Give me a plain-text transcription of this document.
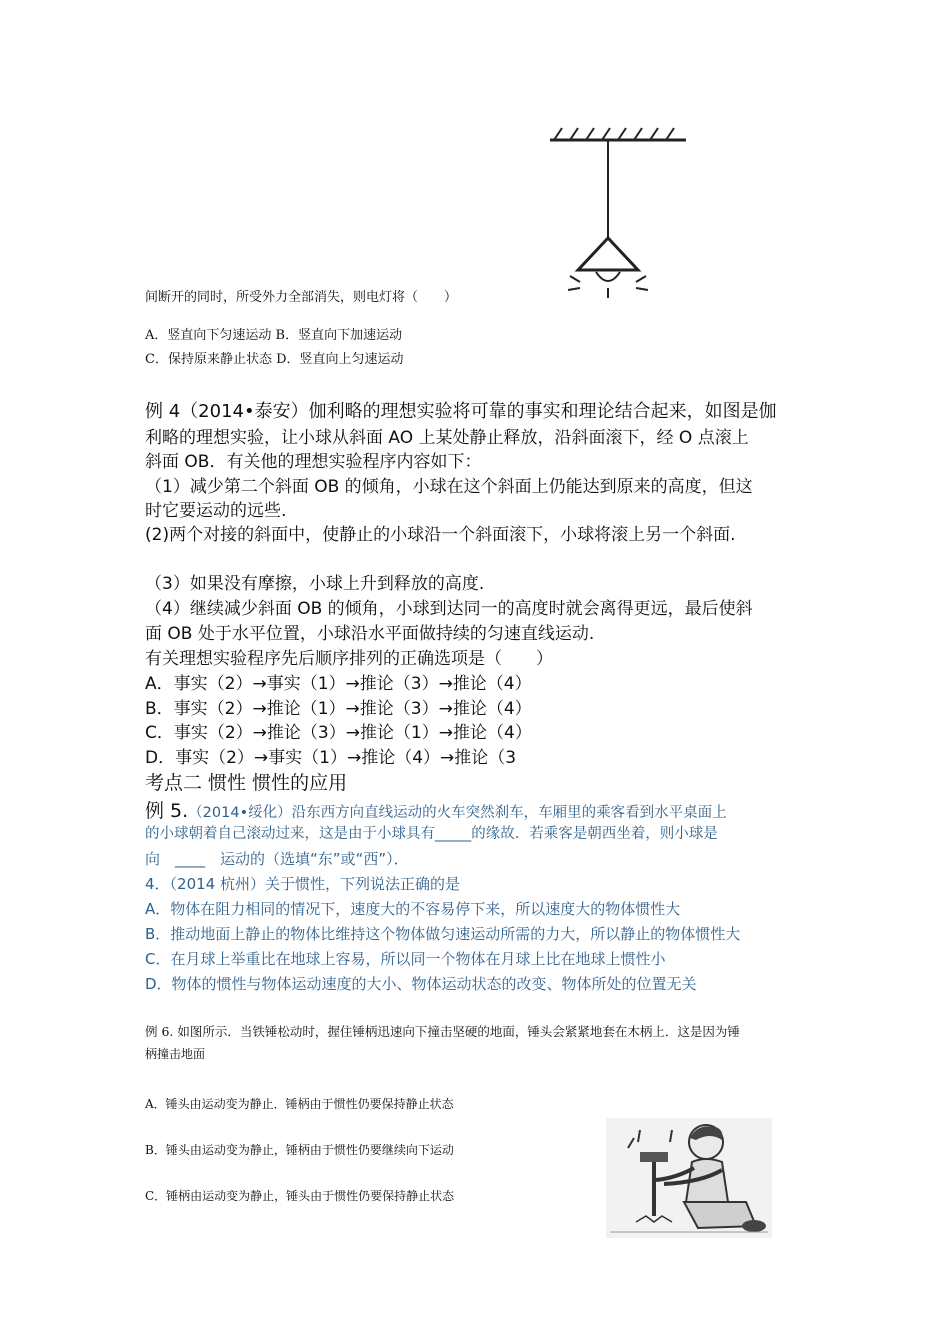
间断开的同时，所受外力全部消失，则电灯将（　　）
A．竖直向下匀速运动 B．竖直向下加速运动
C．保持原来静止状态 D．竖直向上匀速运动
例 4（2014•泰安）伽利略的理想实验将可靠的事实和理论结合起来，如图是伽
利略的理想实验，让小球从斜面 AO 上某处静止释放，沿斜面滚下，经 O 点滚上
斜面 OB．有关他的理想实验程序内容如下：
（1）减少第二个斜面 OB 的倾角，小球在这个斜面上仍能达到原来的高度，但这
时它要运动的远些.
(2)两个对接的斜面中，使静止的小球沿一个斜面滚下，小球将滚上另一个斜面.
（3）如果没有摩擦，小球上升到释放的高度.
（4）继续减少斜面 OB 的倾角，小球到达同一的高度时就会离得更远，最后使斜
面 OB 处于水平位置，小球沿水平面做持续的匀速直线运动.
有关理想实验程序先后顺序排列的正确选项是（　　）
A．事实（2）→事实（1）→推论（3）→推论（4）
B．事实（2）→推论（1）→推论（3）→推论（4）
C．事实（2）→推论（3）→推论（1）→推论（4）
D．事实（2）→事实（1）→推论（4）→推论（3
考点二 惯性 惯性的应用
例 5.（2014•绥化）沿东西方向直线运动的火车突然刹车，车厢里的乘客看到水平桌面上
的小球朝着自己滚动过来，这是由于小球具有_____的缘故．若乘客是朝西坐着，则小球是
向　____　运动的（选填“东”或“西”）．
4．（2014 杭州）关于惯性，下列说法正确的是
A．物体在阻力相同的情况下，速度大的不容易停下来，所以速度大的物体惯性大
B．推动地面上静止的物体比维持这个物体做匀速运动所需的力大，所以静止的物体惯性大
C．在月球上举重比在地球上容易，所以同一个物体在月球上比在地球上惯性小
D．物体的惯性与物体运动速度的大小、物体运动状态的改变、物体所处的位置无关
例 6. 如图所示．当铁锤松动时，握住锤柄迅速向下撞击坚硬的地面，锤头会紧紧地套在木柄上．这是因为锤
柄撞击地面
A．锤头由运动变为静止．锤柄由于惯性仍要保持静止状态
B．锤头由运动变为静止，锤柄由于惯性仍要继续向下运动
C．锤柄由运动变为静止，锤头由于惯性仍要保持静止状态
